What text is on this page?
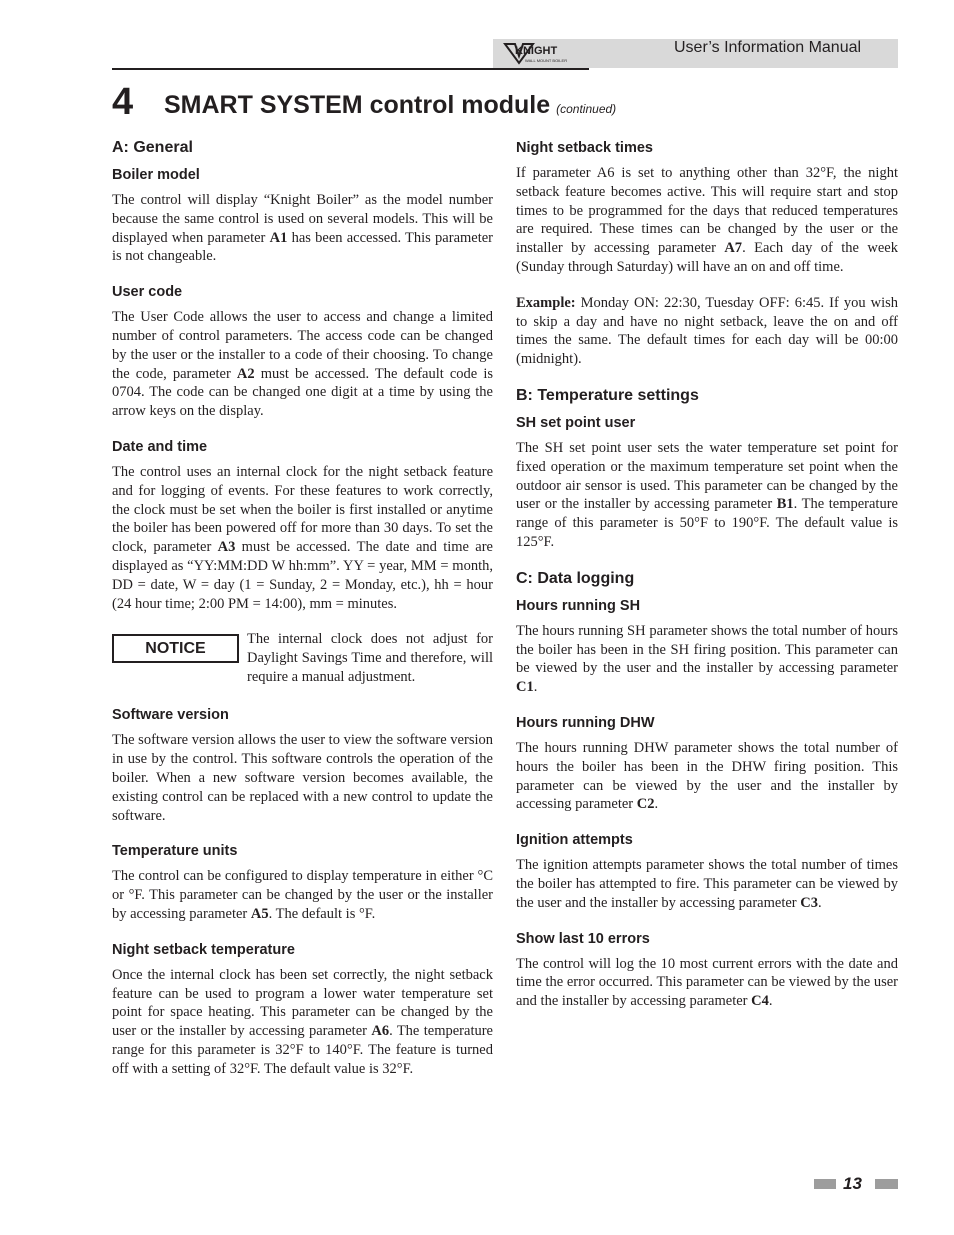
KNIGHT
WALL MOUNT BOILER
User’s Information Manual
4 SMART SYSTEM control module (continued)
A: General
Boiler model

The control will display “Knight Boiler” as the model number because the same control is used on several models. This will be displayed when parameter A1 has been accessed. This parameter is not changeable.

User code

The User Code allows the user to access and change a limited number of control parameters. The access code can be changed by the user or the installer to a code of their choosing. To change the code, parameter A2 must be accessed. The default code is 0704. The code can be changed one digit at a time by using the arrow keys on the display.

Date and time

The control uses an internal clock for the night setback feature and for logging of events. For these features to work correctly, the clock must be set when the boiler is first installed or anytime the boiler has been powered off for more than 30 days. To set the clock, parameter A3 must be accessed. The date and time are displayed as “YY:MM:DD W hh:mm”. YY = year, MM = month, DD = date, W = day (1 = Sunday, 2 = Monday, etc.), hh = hour (24 hour time; 2:00 PM = 14:00), mm = minutes.

NOTICE

The internal clock does not adjust for Daylight Savings Time and therefore, will require a manual adjustment.

Software version

The software version allows the user to view the software version in use by the control. This software controls the operation of the boiler. When a new software version becomes available, the existing control can be replaced with a new control to update the software.

Temperature units

The control can be configured to display temperature in either °C or °F. This parameter can be changed by the user or the installer by accessing parameter A5. The default is °F.

Night setback temperature

Once the internal clock has been set correctly, the night setback feature can be used to program a lower water temperature set point for space heating. This parameter can be changed by the user or the installer by accessing parameter A6. The temperature range for this parameter is 32°F to 140°F. The feature is turned off with a setting of 32°F. The default value is 32°F.

Night setback times

If parameter A6 is set to anything other than 32°F, the night setback feature becomes active. This will require start and stop times to be programmed for the days that reduced temperatures are required. These times can be changed by the user or the installer by accessing parameter A7. Each day of the week (Sunday through Saturday) will have an on and off time.

Example: Monday ON: 22:30, Tuesday OFF: 6:45. If you wish to skip a day and have no night setback, leave the on and off times the same. The default times for each day will be 00:00 (midnight).

B: Temperature settings
SH set point user

The SH set point user sets the water temperature set point for fixed operation or the maximum temperature set point when the outdoor air sensor is used. This parameter can be changed by the user or the installer by accessing parameter B1. The temperature range of this parameter is 50°F to 190°F. The default value is 125°F.

C: Data logging
Hours running SH

The hours running SH parameter shows the total number of hours the boiler has been in the SH firing position. This parameter can be viewed by the user and the installer by accessing parameter C1.

Hours running DHW

The hours running DHW parameter shows the total number of hours the boiler has been in the DHW firing position. This parameter can be viewed by the user and the installer by accessing parameter C2.

Ignition attempts

The ignition attempts parameter shows the total number of times the boiler has attempted to fire. This parameter can be viewed by the user and the installer by accessing parameter C3.

Show last 10 errors

The control will log the 10 most current errors with the date and time the error occurred. This parameter can be viewed by the user and the installer by accessing parameter C4.

13
